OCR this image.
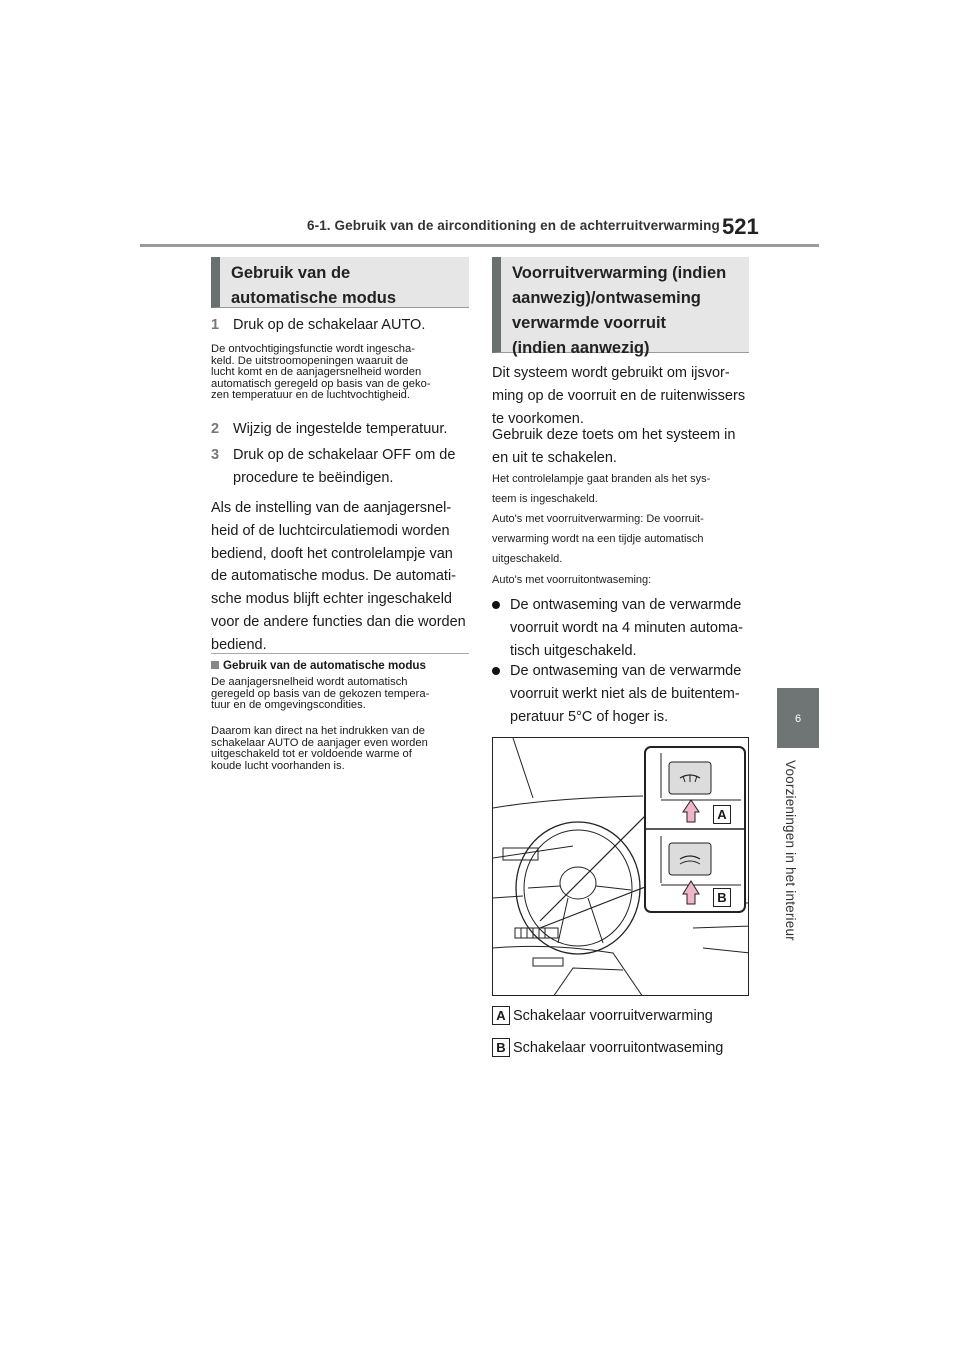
6-1. Gebruik van de airconditioning en de achterruitverwarming 521
6
Voorzieningen in het interieur
Gebruik van de
automatische modus
1 Druk op de schakelaar AUTO.
De ontvochtigingsfunctie wordt ingescha-
keld. De uitstroomopeningen waaruit de
lucht komt en de aanjagersnelheid worden
automatisch geregeld op basis van de geko-
zen temperatuur en de luchtvochtigheid.
2 Wijzig de ingestelde temperatuur.
3 Druk op de schakelaar OFF om de
procedure te beëindigen.
Als de instelling van de aanjagersnel-
heid of de luchtcirculatiemodi worden
bediend, dooft het controlelampje van
de automatische modus. De automati-
sche modus blijft echter ingeschakeld
voor de andere functies dan die worden
bediend.
Gebruik van de automatische modus
De aanjagersnelheid wordt automatisch
geregeld op basis van de gekozen tempera-
tuur en de omgevingscondities.
Daarom kan direct na het indrukken van de
schakelaar AUTO de aanjager even worden
uitgeschakeld tot er voldoende warme of
koude lucht voorhanden is.
Voorruitverwarming (indien
aanwezig)/ontwaseming
verwarmde voorruit
(indien aanwezig)
Dit systeem wordt gebruikt om ijsvor-
ming op de voorruit en de ruitenwissers
te voorkomen.
Gebruik deze toets om het systeem in
en uit te schakelen.
Het controlelampje gaat branden als het sys-
teem is ingeschakeld.
Auto's met voorruitverwarming: De voorruit-
verwarming wordt na een tijdje automatisch
uitgeschakeld.
Auto's met voorruitontwaseming:
De ontwaseming van de verwarmde
voorruit wordt na 4 minuten automa-
tisch uitgeschakeld.
De ontwaseming van de verwarmde
voorruit werkt niet als de buitentem-
peratuur 5°C of hoger is.
A
B
A Schakelaar voorruitverwarming
B Schakelaar voorruitontwaseming
